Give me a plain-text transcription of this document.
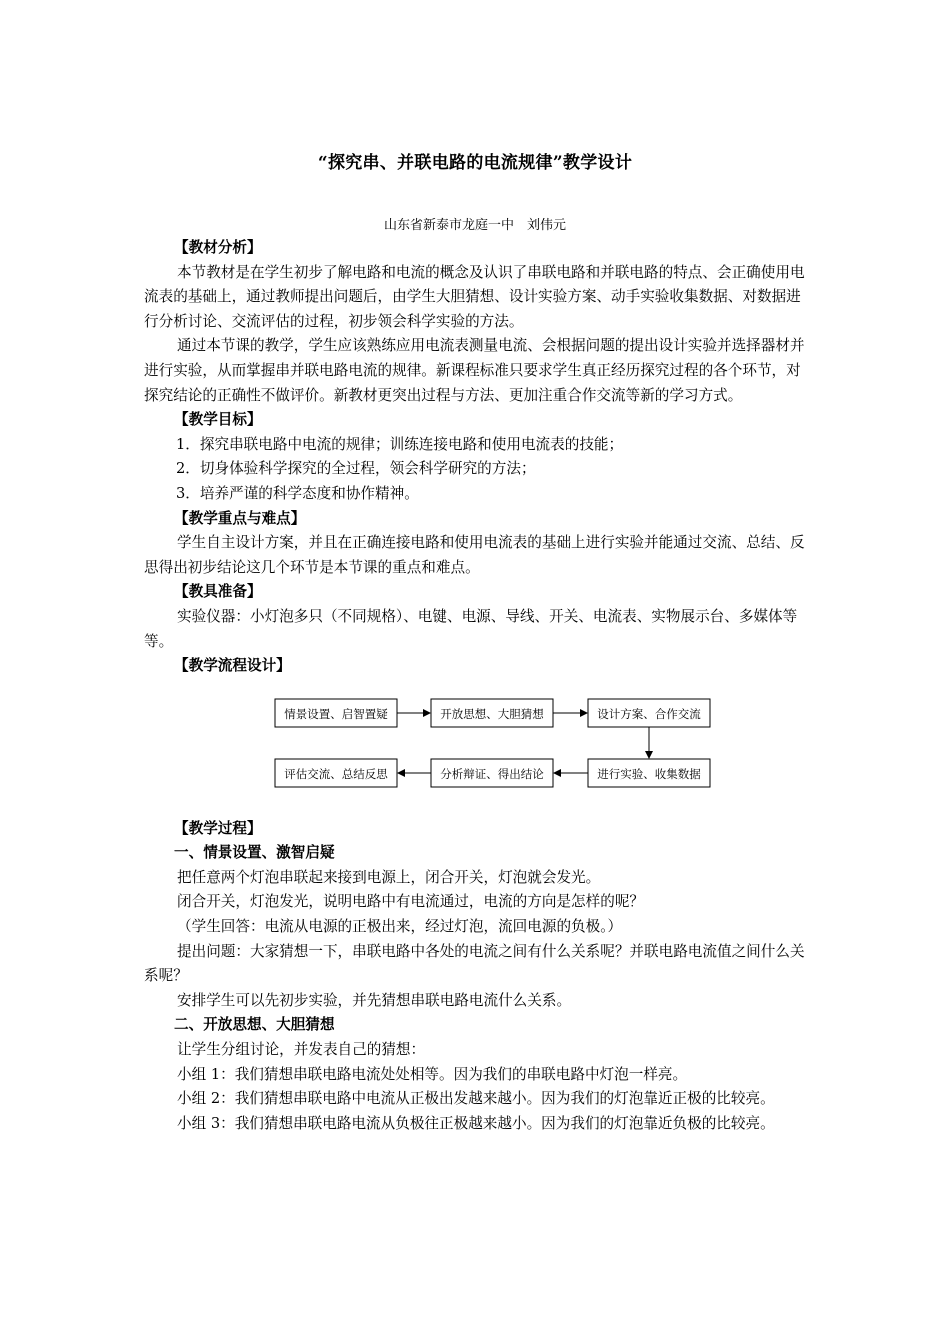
“探究串、并联电路的电流规律”教学设计
山东省新泰市龙庭一中　刘伟元

【教材分析】

本节教材是在学生初步了解电路和电流的概念及认识了串联电路和并联电路的特点、会正确使用电流表的基础上，通过教师提出问题后，由学生大胆猜想、设计实验方案、动手实验收集数据、对数据进行分析讨论、交流评估的过程，初步领会科学实验的方法。

通过本节课的教学，学生应该熟练应用电流表测量电流、会根据问题的提出设计实验并选择器材并进行实验，从而掌握串并联电路电流的规律。新课程标准只要求学生真正经历探究过程的各个环节，对探究结论的正确性不做评价。新教材更突出过程与方法、更加注重合作交流等新的学习方式。

【教学目标】

1．探究串联电路中电流的规律；训练连接电路和使用电流表的技能；

2．切身体验科学探究的全过程，领会科学研究的方法；

3．培养严谨的科学态度和协作精神。

【教学重点与难点】

学生自主设计方案，并且在正确连接电路和使用电流表的基础上进行实验并能通过交流、总结、反思得出初步结论这几个环节是本节课的重点和难点。

【教具准备】

实验仪器：小灯泡多只（不同规格）、电键、电源、导线、开关、电流表、实物展示台、多媒体等等。

【教学流程设计】

情景设置、启智置疑	开放思想、大胆猜想	设计方案、合作交流
进行实验、收集数据
分析辩证、得出结论
评估交流、总结反思

【教学过程】

一、情景设置、激智启疑

把任意两个灯泡串联起来接到电源上，闭合开关，灯泡就会发光。

闭合开关，灯泡发光，说明电路中有电流通过，电流的方向是怎样的呢？

（学生回答：电流从电源的正极出来，经过灯泡，流回电源的负极。）

提出问题：大家猜想一下，串联电路中各处的电流之间有什么关系呢？并联电路电流值之间什么关系呢？

安排学生可以先初步实验，并先猜想串联电路电流什么关系。

二、开放思想、大胆猜想

让学生分组讨论，并发表自己的猜想：

小组 1：我们猜想串联电路电流处处相等。因为我们的串联电路中灯泡一样亮。

小组 2：我们猜想串联电路中电流从正极出发越来越小。因为我们的灯泡靠近正极的比较亮。

小组 3：我们猜想串联电路电流从负极往正极越来越小。因为我们的灯泡靠近负极的比较亮。
